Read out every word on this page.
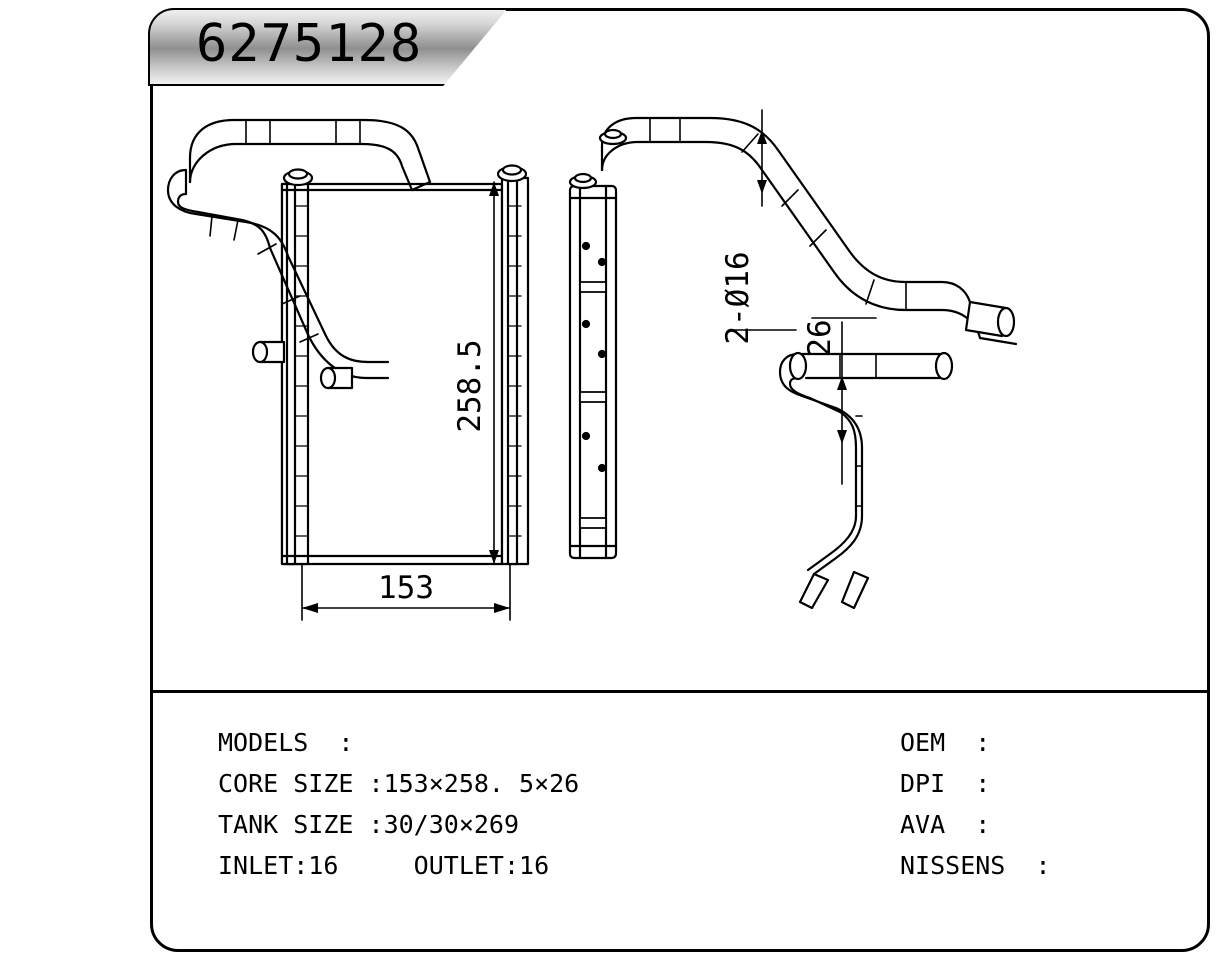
6275128
258.5
153
2-Ø16 26
MODELS  :
CORE SIZE :153×258. 5×26
TANK SIZE :30/30×269
INLET:16     OUTLET:16
OEM  :
DPI  :
AVA  :
NISSENS  :
